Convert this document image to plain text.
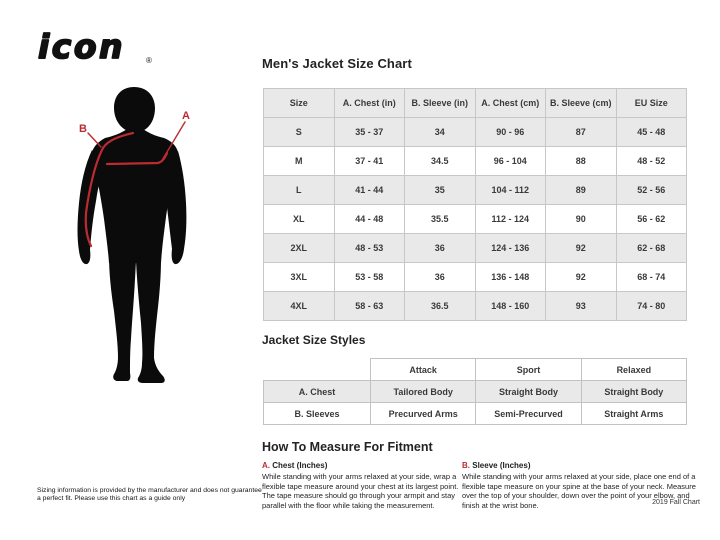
icon	®
B
A
Men's Jacket Size Chart
Size	A. Chest (in)	B. Sleeve (in)	A. Chest (cm)	B. Sleeve (cm)	EU Size
S	35 - 37	34	90 - 96	87	45 - 48
M	37 - 41	34.5	96 - 104	88	48 - 52
L	41 - 44	35	104 - 112	89	52 - 56
XL	44 - 48	35.5	112 - 124	90	56 - 62
2XL	48 - 53	36	124 - 136	92	62 - 68
3XL	53 - 58	36	136 - 148	92	68 - 74
4XL	58 - 63	36.5	148 - 160	93	74 - 80
Jacket Size Styles
	Attack	Sport	Relaxed
A. Chest	Tailored Body	Straight Body	Straight Body
B. Sleeves	Precurved Arms	Semi-Precurved	Straight Arms
How To Measure For Fitment
A. Chest (Inches)
While standing with your arms relaxed at your side, wrap a flexible tape measure around your chest at its largest point. The tape measure should go through your armpit and stay parallel with the floor while taking the measurement.
B. Sleeve (Inches)
While standing with your arms relaxed at your side, place one end of a flexible tape measure on your spine at the base of your neck. Measure over the top of your shoulder, down over the point of your elbow, and finish at the wrist bone.
Sizing information is provided by the manufacturer and does not guarantee a perfect fit. Please use this chart as a guide only
2019 Fall Chart
